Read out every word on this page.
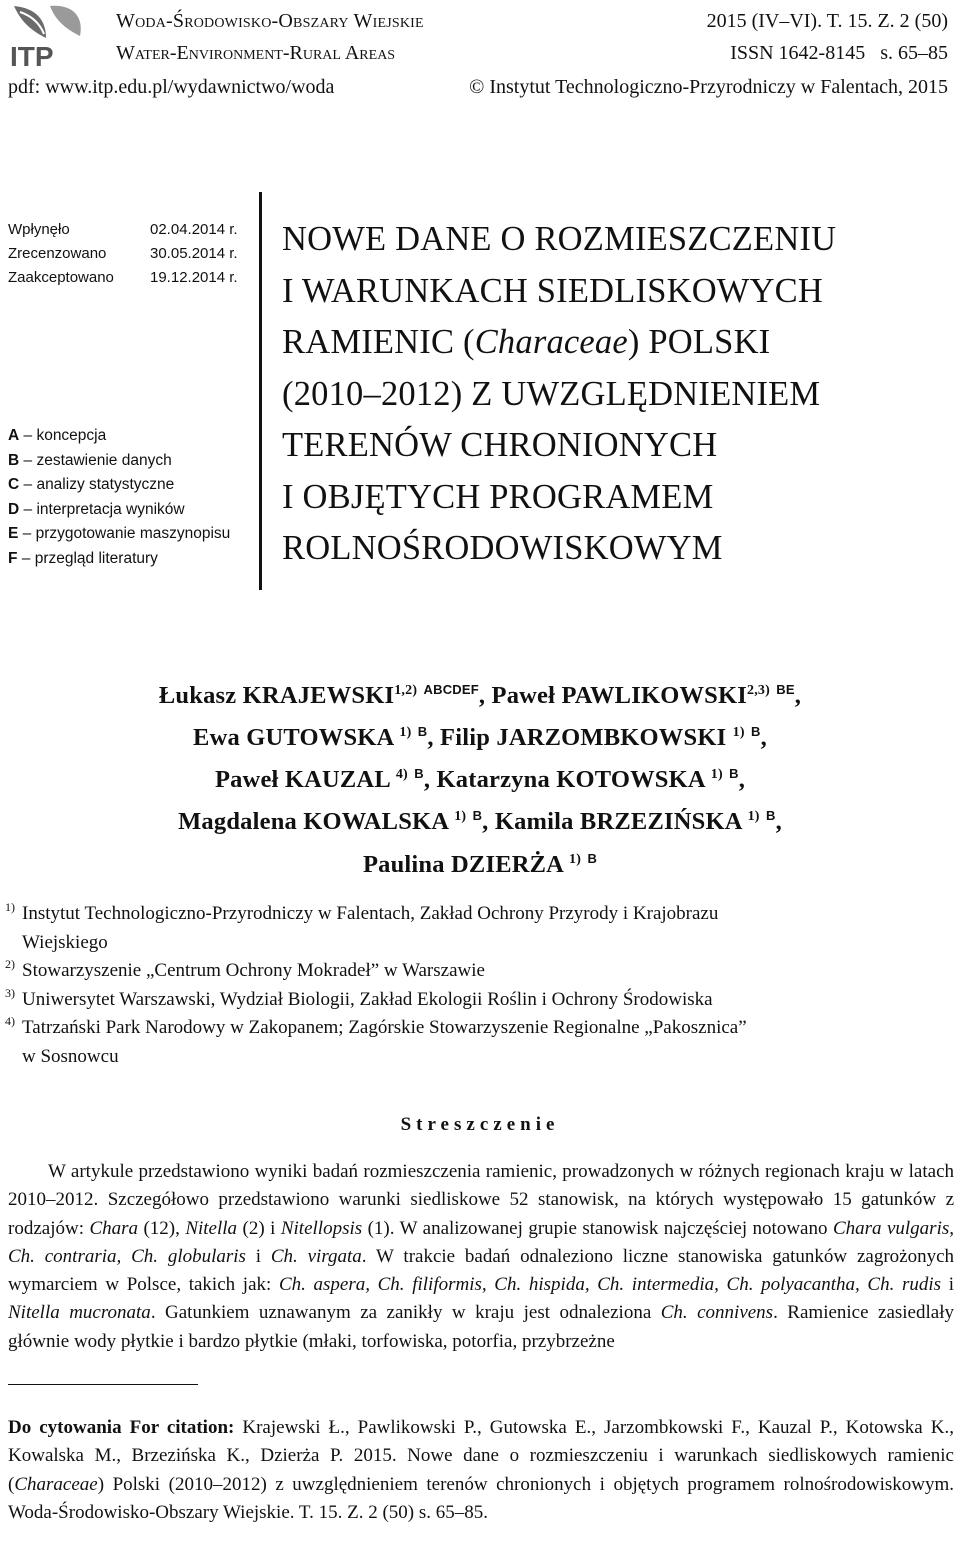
ITP
Woda-Środowisko-Obszary Wiejskie
Water-Environment-Rural Areas
2015 (IV–VI). T. 15. Z. 2 (50)
ISSN 1642-8145 s. 65–85
pdf: www.itp.edu.pl/wydawnictwo/woda	© Instytut Technologiczno-Przyrodniczy w Falentach, 2015
Wpłynęło	02.04.2014 r.
Zrecenzowano	30.05.2014 r.
Zaakceptowano	19.12.2014 r.
A – koncepcja
B – zestawienie danych
C – analizy statystyczne
D – interpretacja wyników
E – przygotowanie maszynopisu
F – przegląd literatury
NOWE DANE O ROZMIESZCZENIU
I WARUNKACH SIEDLISKOWYCH
RAMIENIC (Characeae) POLSKI
(2010–2012) Z UWZGLĘDNIENIEM
TERENÓW CHRONIONYCH
I OBJĘTYCH PROGRAMEM
ROLNOŚRODOWISKOWYM
Łukasz KRAJEWSKI$^{1,2)}$ $^{ABCDEF}$, Paweł PAWLIKOWSKI$^{2,3)}$ $^{BE}$,
Ewa GUTOWSKA $^{1)}$ $^B$, Filip JARZOMBKOWSKI $^{1)}$ $^B$,
Paweł KAUZAL $^{4)}$ $^B$, Katarzyna KOTOWSKA $^{1)}$ $^B$,
Magdalena KOWALSKA $^{1)}$ $^B$, Kamila BRZEZIŃSKA $^{1)}$ $^B$,
Paulina DZIERŻA $^{1)}$ $^B$
1) Instytut Technologiczno-Przyrodniczy w Falentach, Zakład Ochrony Przyrody i Krajobrazu
Wiejskiego
2) Stowarzyszenie „Centrum Ochrony Mokradeł” w Warszawie
3) Uniwersytet Warszawski, Wydział Biologii, Zakład Ekologii Roślin i Ochrony Środowiska
4) Tatrzański Park Narodowy w Zakopanem; Zagórskie Stowarzyszenie Regionalne „Pakosznica”
w Sosnowcu
Streszczenie
W artykule przedstawiono wyniki badań rozmieszczenia ramienic, prowadzonych w różnych regionach kraju w latach 2010–2012. Szczegółowo przedstawiono warunki siedliskowe 52 stanowisk, na których występowało 15 gatunków z rodzajów: Chara (12), Nitella (2) i Nitellopsis (1). W analizowanej grupie stanowisk najczęściej notowano Chara vulgaris, Ch. contraria, Ch. globularis i Ch. virgata. W trakcie badań odnaleziono liczne stanowiska gatunków zagrożonych wymarciem w Polsce, takich jak: Ch. aspera, Ch. filiformis, Ch. hispida, Ch. intermedia, Ch. polyacantha, Ch. rudis i Nitella mucronata. Gatunkiem uznawanym za zanikły w kraju jest odnaleziona Ch. connivens. Ramienice zasiedlały głównie wody płytkie i bardzo płytkie (młaki, torfowiska, potorfia, przybrzeżne
Do cytowania For citation: Krajewski Ł., Pawlikowski P., Gutowska E., Jarzombkowski F., Kauzal P., Kotowska K., Kowalska M., Brzezińska K., Dzierża P. 2015. Nowe dane o rozmieszczeniu i warunkach siedliskowych ramienic (Characeae) Polski (2010–2012) z uwzględnieniem terenów chronionych i objętych programem rolnośrodowiskowym. Woda-Środowisko-Obszary Wiejskie. T. 15. Z. 2 (50) s. 65–85.
